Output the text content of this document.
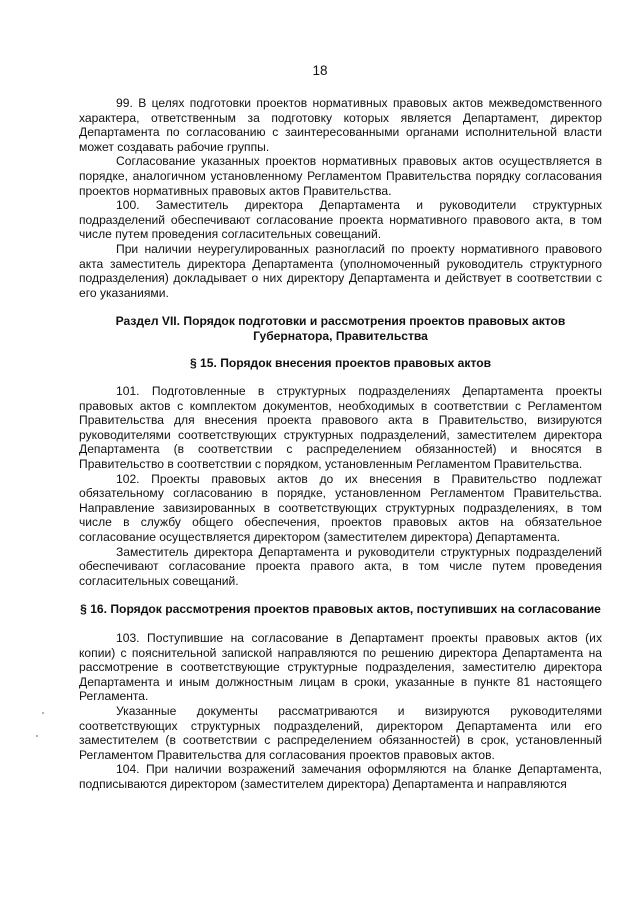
18

99. В целях подготовки проектов нормативных правовых актов межведомственного характера, ответственным за подготовку которых является Департамент, директор Департамента по согласованию с заинтересованными органами исполнительной власти может создавать рабочие группы.

Согласование указанных проектов нормативных правовых актов осуществляется в порядке, аналогичном установленному Регламентом Правительства порядку согласования проектов нормативных правовых актов Правительства.

100. Заместитель директора Департамента и руководители структурных подразделений обеспечивают согласование проекта нормативного правового акта, в том числе путем проведения согласительных совещаний.

При наличии неурегулированных разногласий по проекту нормативного правового акта заместитель директора Департамента (уполномоченный руководитель структурного подразделения) докладывает о них директору Департамента и действует в соответствии с его указаниями.

Раздел VII. Порядок подготовки и рассмотрения проектов правовых актов Губернатора, Правительства

§ 15. Порядок внесения проектов правовых актов

101. Подготовленные в структурных подразделениях Департамента проекты правовых актов с комплектом документов, необходимых в соответствии с Регламентом Правительства для внесения проекта правового акта в Правительство, визируются руководителями соответствующих структурных подразделений, заместителем директора Департамента (в соответствии с распределением обязанностей) и вносятся в Правительство в соответствии с порядком, установленным Регламентом Правительства.

102. Проекты правовых актов до их внесения в Правительство подлежат обязательному согласованию в порядке, установленном Регламентом Правительства. Направление завизированных в соответствующих структурных подразделениях, в том числе в службу общего обеспечения, проектов правовых актов на обязательное согласование осуществляется директором (заместителем директора) Департамента.

Заместитель директора Департамента и руководители структурных подразделений обеспечивают согласование проекта правого акта, в том числе путем проведения согласительных совещаний.

§ 16. Порядок рассмотрения проектов правовых актов, поступивших на согласование

103. Поступившие на согласование в Департамент проекты правовых актов (их копии) с пояснительной запиской направляются по решению директора Департамента на рассмотрение в соответствующие структурные подразделения, заместителю директора Департамента и иным должностным лицам в сроки, указанные в пункте 81 настоящего Регламента.

Указанные документы рассматриваются и визируются руководителями соответствующих структурных подразделений, директором Департамента или его заместителем (в соответствии с распределением обязанностей) в срок, установленный Регламентом Правительства для согласования проектов правовых актов.

104. При наличии возражений замечания оформляются на бланке Департамента, подписываются директором (заместителем директора) Департамента и направляются
